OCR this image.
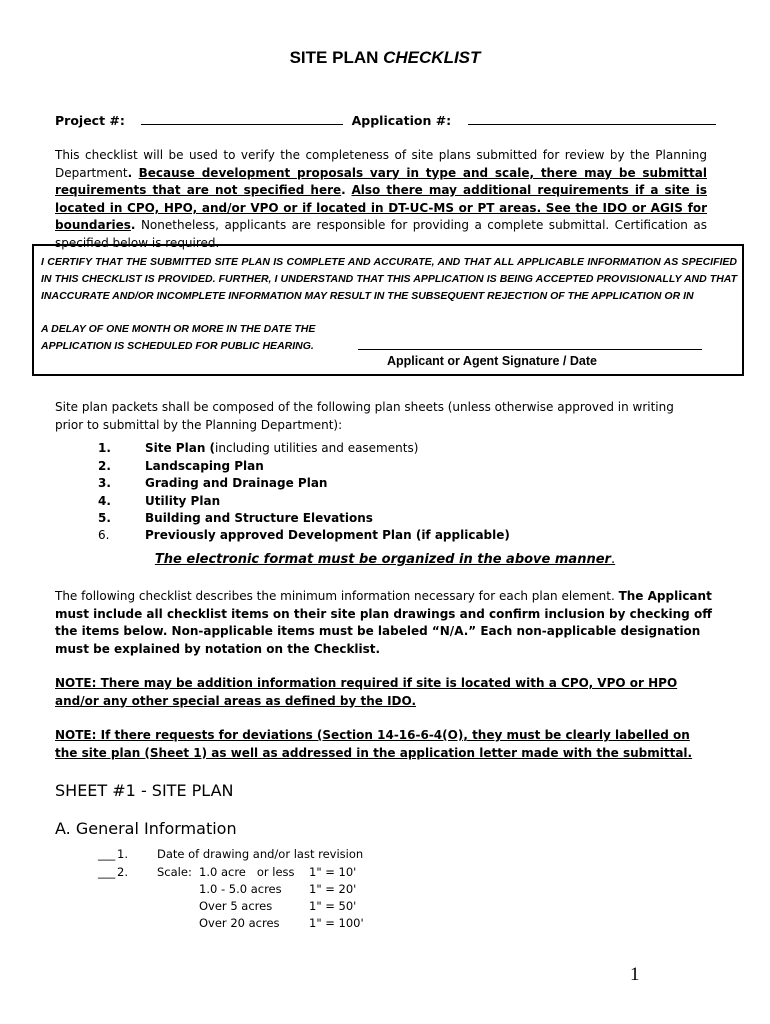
SITE PLAN CHECKLIST
Project #:	Application #:
This checklist will be used to verify the completeness of site plans submitted for review by the Planning Department. Because development proposals vary in type and scale, there may be submittal requirements that are not specified here. Also there may additional requirements if a site is located in CPO, HPO, and/or VPO or if located in DT-UC-MS or PT areas. See the IDO or AGIS for boundaries. Nonetheless, applicants are responsible for providing a complete submittal. Certification as specified below is required.
I CERTIFY THAT THE SUBMITTED SITE PLAN IS COMPLETE AND ACCURATE, AND THAT ALL APPLICABLE INFORMATION AS SPECIFIED IN THIS CHECKLIST IS PROVIDED. FURTHER, I UNDERSTAND THAT THIS APPLICATION IS BEING ACCEPTED PROVISIONALLY AND THAT INACCURATE AND/OR INCOMPLETE INFORMATION MAY RESULT IN THE SUBSEQUENT REJECTION OF THE APPLICATION OR IN
A DELAY OF ONE MONTH OR MORE IN THE DATE THE
APPLICATION IS SCHEDULED FOR PUBLIC HEARING.
Applicant or Agent Signature / Date
Site plan packets shall be composed of the following plan sheets (unless otherwise approved in writing prior to submittal by the Planning Department):
1.	Site Plan (including utilities and easements)
2.	Landscaping Plan
3.	Grading and Drainage Plan
4.	Utility Plan
5.	Building and Structure Elevations
6.	Previously approved Development Plan (if applicable)
The electronic format must be organized in the above manner.
The following checklist describes the minimum information necessary for each plan element. The Applicant must include all checklist items on their site plan drawings and confirm inclusion by checking off the items below. Non-applicable items must be labeled “N/A.” Each non-applicable designation must be explained by notation on the Checklist.
NOTE: There may be addition information required if site is located with a CPO, VPO or HPO and/or any other special areas as defined by the IDO.
NOTE: If there requests for deviations (Section 14-16-6-4(O), they must be clearly labelled on the site plan (Sheet 1) as well as addressed in the application letter made with the submittal.
SHEET #1 - SITE PLAN
A. General Information
___ 1.	Date of drawing and/or last revision
___ 2.	Scale: 1.0 acre   or less 1" = 10'
1.0 - 5.0 acres 1" = 20'
Over 5 acres	1" = 50'
Over 20 acres	1" = 100'
1
